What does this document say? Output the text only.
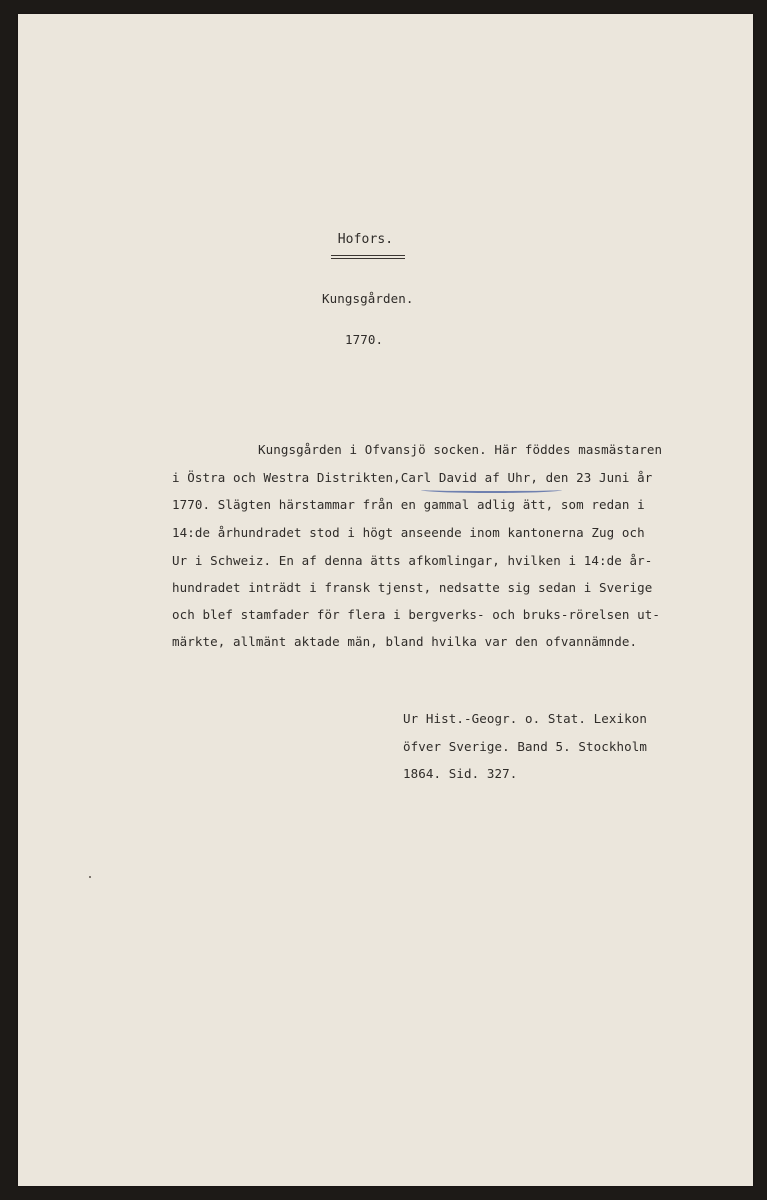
Hofors.
Kungsgården.
1770.
Kungsgården i Ofvansjö socken. Här föddes masmästaren
i Östra och Westra Distrikten,Carl David af Uhr, den 23 Juni år
1770. Slägten härstammar från en gammal adlig ätt, som redan i
14:de århundradet stod i högt anseende inom kantonerna Zug och
Ur i Schweiz. En af denna ätts afkomlingar, hvilken i 14:de år-
hundradet inträdt i fransk tjenst, nedsatte sig sedan i Sverige
och blef stamfader för flera i bergverks- och bruks-rörelsen ut-
märkte, allmänt aktade män, bland hvilka var den ofvannämnde.
Ur Hist.-Geogr. o. Stat. Lexikon
öfver Sverige. Band 5. Stockholm
1864. Sid. 327.
